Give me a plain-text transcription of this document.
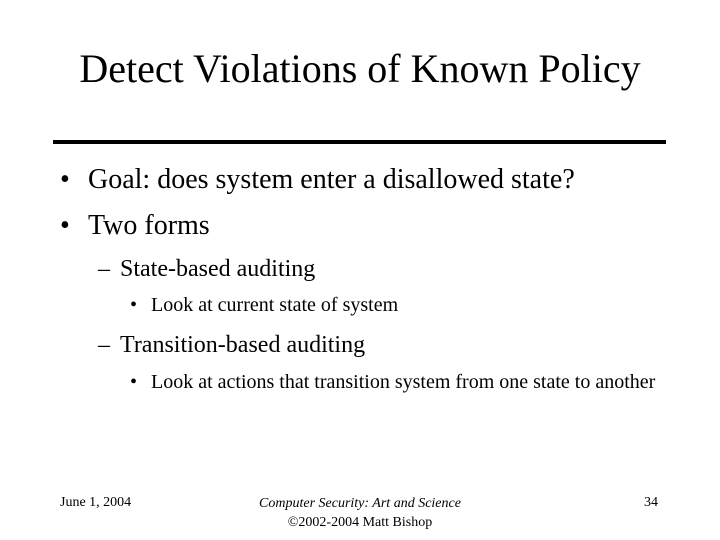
Detect Violations of Known Policy
• Goal: does system enter a disallowed state?
• Two forms
– State-based auditing
• Look at current state of system
– Transition-based auditing
• Look at actions that transition system from one state to another
June 1, 2004	Computer Security: Art and Science
©2002-2004 Matt Bishop
34
